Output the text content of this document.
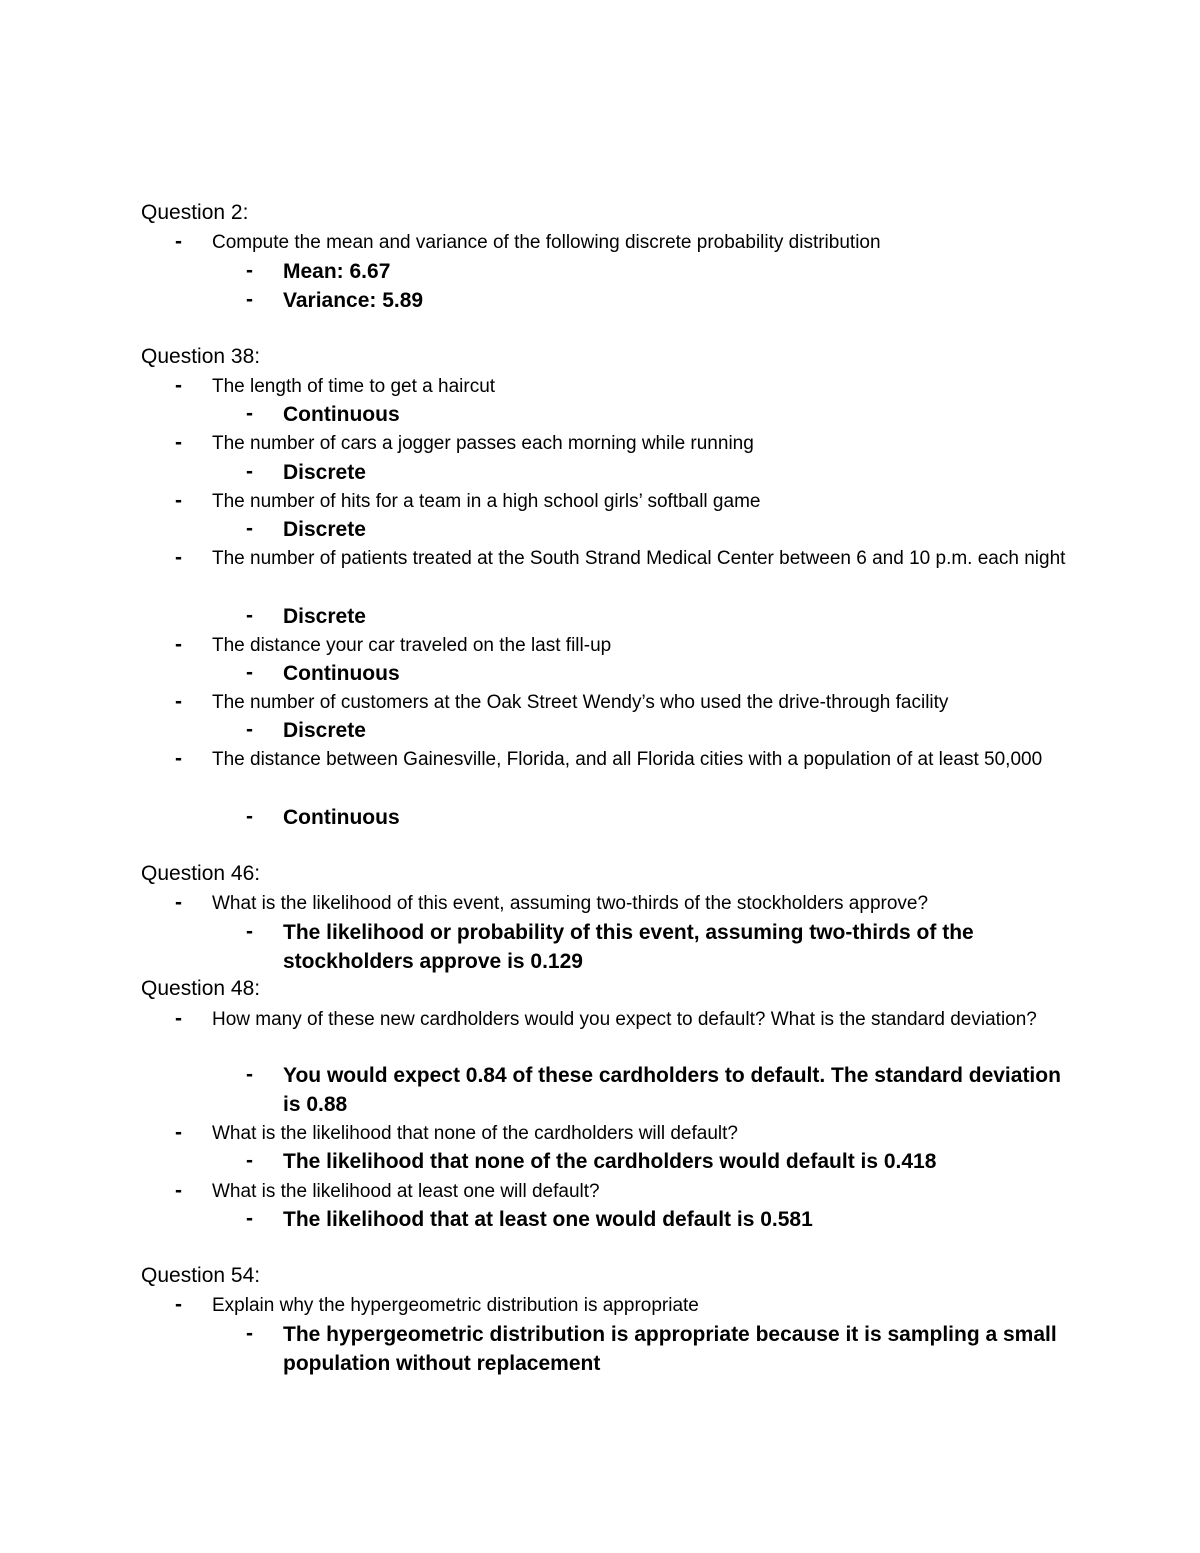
Question 2:
- Compute the mean and variance of the following discrete probability distribution
- Mean: 6.67
- Variance: 5.89
Question 38:
- The length of time to get a haircut
- Continuous
- The number of cars a jogger passes each morning while running
- Discrete
- The number of hits for a team in a high school girls’ softball game
- Discrete
- The number of patients treated at the South Strand Medical Center between 6 and 10 p.m. each night
- Discrete
- The distance your car traveled on the last fill-up
- Continuous
- The number of customers at the Oak Street Wendy’s who used the drive-through facility
- Discrete
- The distance between Gainesville, Florida, and all Florida cities with a population of at least 50,000
- Continuous
Question 46:
- What is the likelihood of this event, assuming two-thirds of the stockholders approve?
- The likelihood or probability of this event, assuming two-thirds of the stockholders approve is 0.129
Question 48:
- How many of these new cardholders would you expect to default? What is the standard deviation?
- You would expect 0.84 of these cardholders to default. The standard deviation is 0.88
- What is the likelihood that none of the cardholders will default?
- The likelihood that none of the cardholders would default is 0.418
- What is the likelihood at least one will default?
- The likelihood that at least one would default is 0.581
Question 54:
- Explain why the hypergeometric distribution is appropriate
- The hypergeometric distribution is appropriate because it is sampling a small population without replacement
